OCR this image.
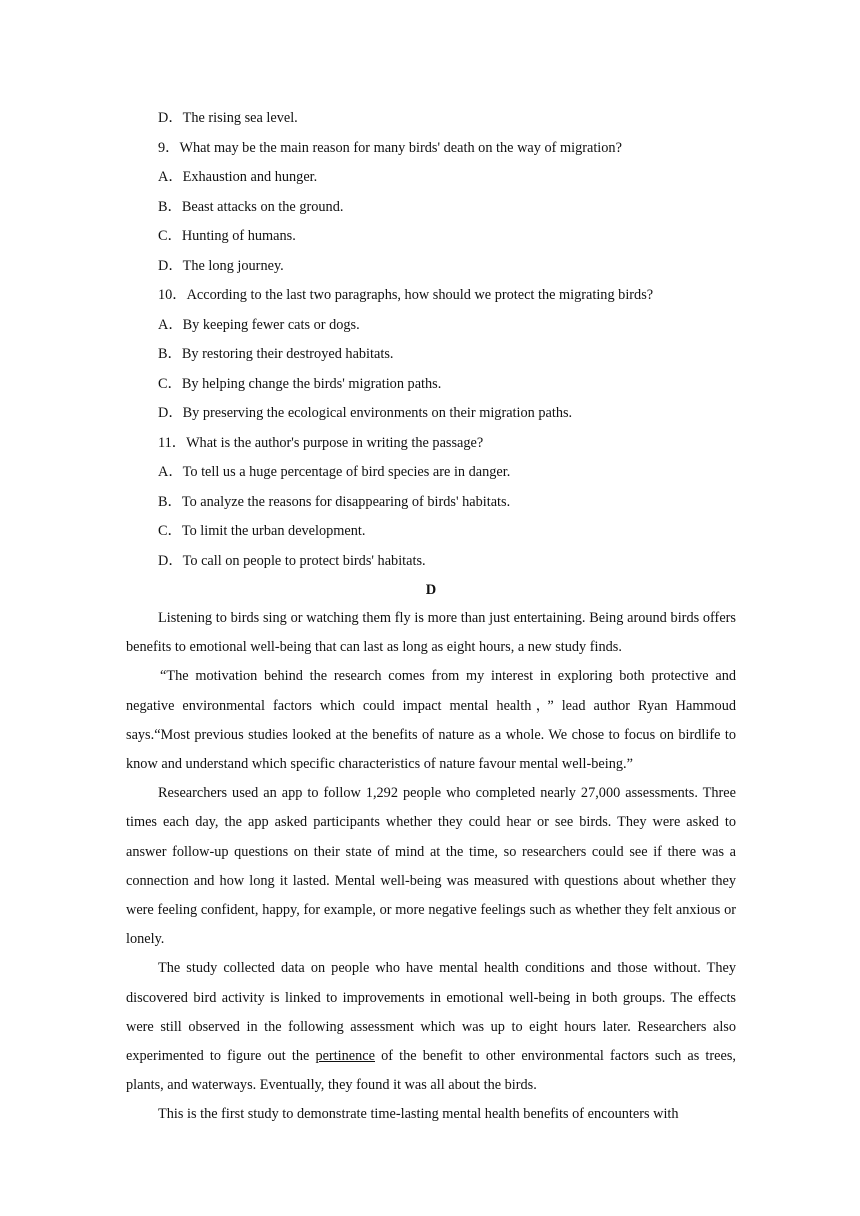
D．The rising sea level.
9．What may be the main reason for many birds' death on the way of migration?
A．Exhaustion and hunger.
B．Beast attacks on the ground.
C．Hunting of humans.
D．The long journey.
10．According to the last two paragraphs, how should we protect the migrating birds?
A．By keeping fewer cats or dogs.
B．By restoring their destroyed habitats.
C．By helping change the birds' migration paths.
D．By preserving the ecological environments on their migration paths.
11．What is the author's purpose in writing the passage?
A．To tell us a huge percentage of bird species are in danger.
B．To analyze the reasons for disappearing of birds' habitats.
C．To limit the urban development.
D．To call on people to protect birds' habitats.
D

Listening to birds sing or watching them fly is more than just entertaining. Being around birds offers benefits to emotional well-being that can last as long as eight hours, a new study finds.

“The motivation behind the research comes from my interest in exploring both protective and negative environmental factors which could impact mental health，” lead author Ryan Hammoud says.“Most previous studies looked at the benefits of nature as a whole. We chose to focus on birdlife to know and understand which specific characteristics of nature favour mental well-being.”

Researchers used an app to follow 1,292 people who completed nearly 27,000 assessments. Three times each day, the app asked participants whether they could hear or see birds. They were asked to answer follow-up questions on their state of mind at the time, so researchers could see if there was a connection and how long it lasted. Mental well-being was measured with questions about whether they were feeling confident, happy, for example, or more negative feelings such as whether they felt anxious or lonely.

The study collected data on people who have mental health conditions and those without. They discovered bird activity is linked to improvements in emotional well-being in both groups. The effects were still observed in the following assessment which was up to eight hours later. Researchers also experimented to figure out the pertinence of the benefit to other environmental factors such as trees, plants, and waterways. Eventually, they found it was all about the birds.

This is the first study to demonstrate time-lasting mental health benefits of encounters with
